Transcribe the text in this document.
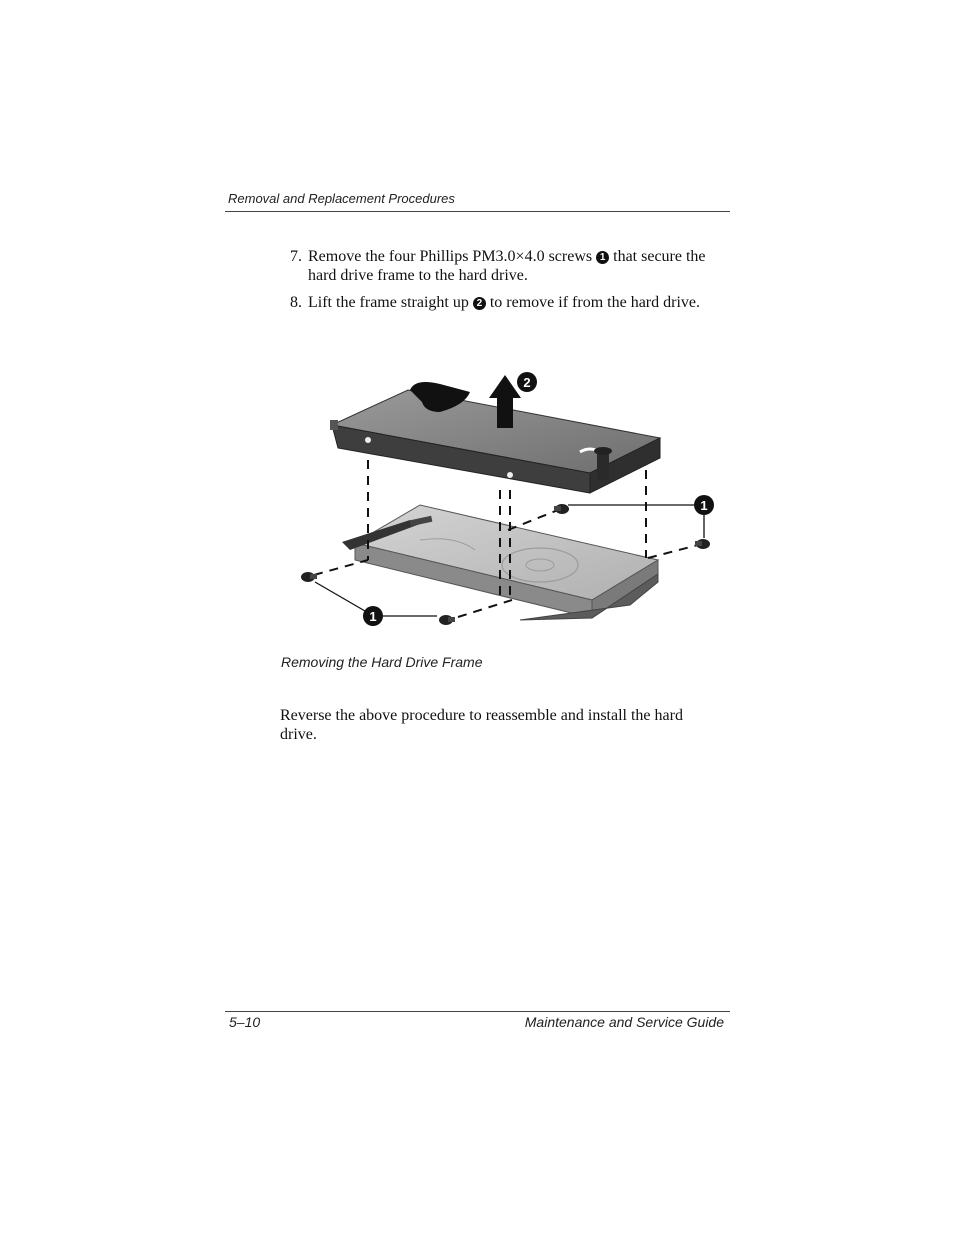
Removal and Replacement Procedures
7. Remove the four Phillips PM3.0×4.0 screws 1 that secure the hard drive frame to the hard drive.
8. Lift the frame straight up 2 to remove if from the hard drive.
2
1
1
Removing the Hard Drive Frame
Reverse the above procedure to reassemble and install the hard drive.
5–10	Maintenance and Service Guide
